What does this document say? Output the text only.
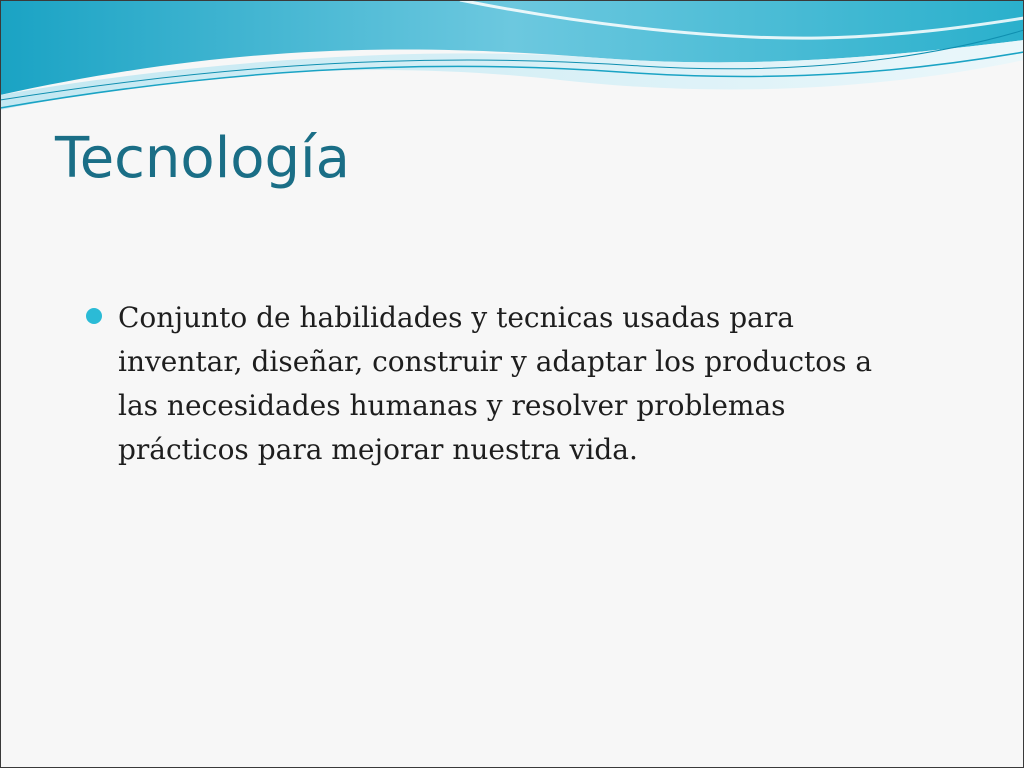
Tecnología
Conjunto de habilidades y tecnicas usadas para inventar, diseñar, construir y adaptar los productos a las necesidades humanas y resolver problemas prácticos para mejorar nuestra vida.
